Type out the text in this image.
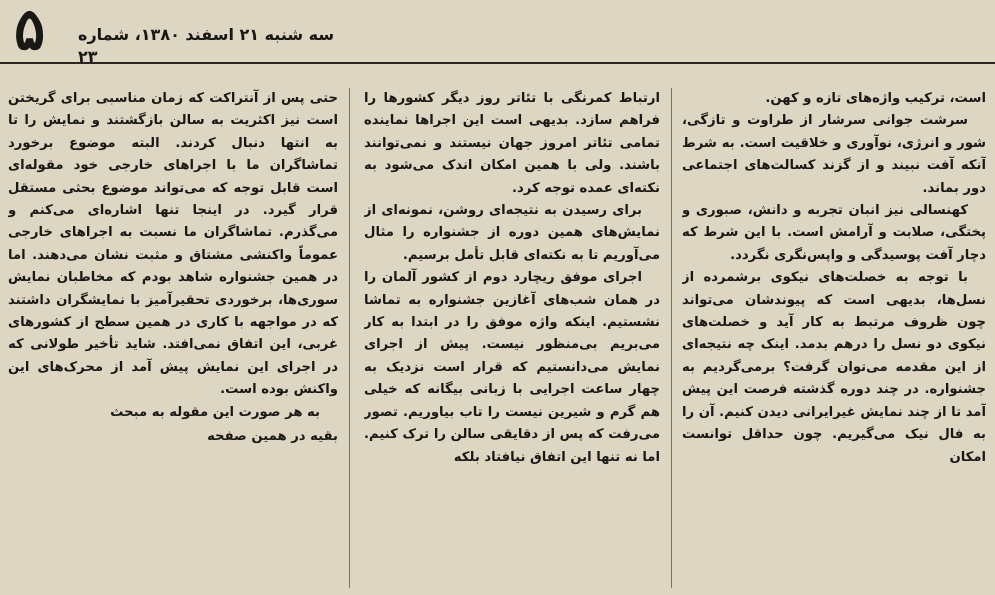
۵ سه شنبه ۲۱ اسفند ۱۳۸۰، شماره ۲۳

است، ترکیب واژه‌های تازه و کهن.

سرشت جوانی سرشار از طراوت و تازگی، شور و انرژی، نوآوری و خلاقیت است. به شرط آنکه آفت نبیند و از گزند کسالت‌های اجتماعی دور بماند.

کهنسالی نیز انبان تجربه و دانش، صبوری و پختگی، صلابت و آرامش است. با این شرط که دچار آفت پوسیدگی و واپس‌نگری نگردد.

با توجه به خصلت‌های نیکوی برشمرده از نسل‌ها، بدیهی است که پیوندشان می‌تواند چون ظروف مرتبط به کار آید و خصلت‌های نیکوی دو نسل را درهم بدمد. اینک چه نتیجه‌ای از این مقدمه می‌توان گرفت؟ برمی‌گردیم به جشنواره. در چند دوره گذشته فرصت این پیش آمد تا از چند نمایش غیرایرانی دیدن کنیم. آن را به فال نیک می‌گیریم. چون حداقل توانست امکان

ارتباط کمرنگی با تئاتر روز دیگر کشورها را فراهم سازد. بدیهی است این اجراها نماینده تمامی تئاتر امروز جهان نیستند و نمی‌توانند باشند. ولی با همین امکان اندک می‌شود به نکته‌ای عمده توجه کرد.

برای رسیدن به نتیجه‌ای روشن، نمونه‌ای از نمایش‌های همین دوره از جشنواره را مثال می‌آوریم تا به نکته‌ای قابل تأمل برسیم.

اجرای موفق ریچارد دوم از کشور آلمان را در همان شب‌های آغازین جشنواره به تماشا نشستیم. اینکه واژه موفق را در ابتدا به کار می‌بریم بی‌منظور نیست. پیش از اجرای نمایش می‌دانستیم که قرار است نزدیک به چهار ساعت اجرایی با زبانی بیگانه که خیلی هم گرم و شیرین نیست را تاب بیاوریم. تصور می‌رفت که پس از دقایقی سالن را ترک کنیم. اما نه تنها این اتفاق نیافتاد بلکه

حتی پس از آنتراکت که زمان مناسبی برای گریختن است نیز اکثریت به سالن بازگشتند و نمایش را تا به انتها دنبال کردند. البته موضوع برخورد تماشاگران ما با اجراهای خارجی خود مقوله‌ای است قابل توجه که می‌تواند موضوع بحثی مستقل قرار گیرد. در اینجا تنها اشاره‌ای می‌کنم و می‌گذرم. تماشاگران ما نسبت به اجراهای خارجی عموماً واکنشی مشتاق و مثبت نشان می‌دهند. اما در همین جشنواره شاهد بودم که مخاطبان نمایش سوری‌ها، برخوردی تحقیرآمیز با نمایشگران داشتند که در مواجهه با کاری در همین سطح از کشورهای غربی، این اتفاق نمی‌افتد. شاید تأخیر طولانی که در اجرای این نمایش پیش آمد از محرک‌های این واکنش بوده است.

به هر صورت این مقوله به مبحث

بقیه در همین صفحه
